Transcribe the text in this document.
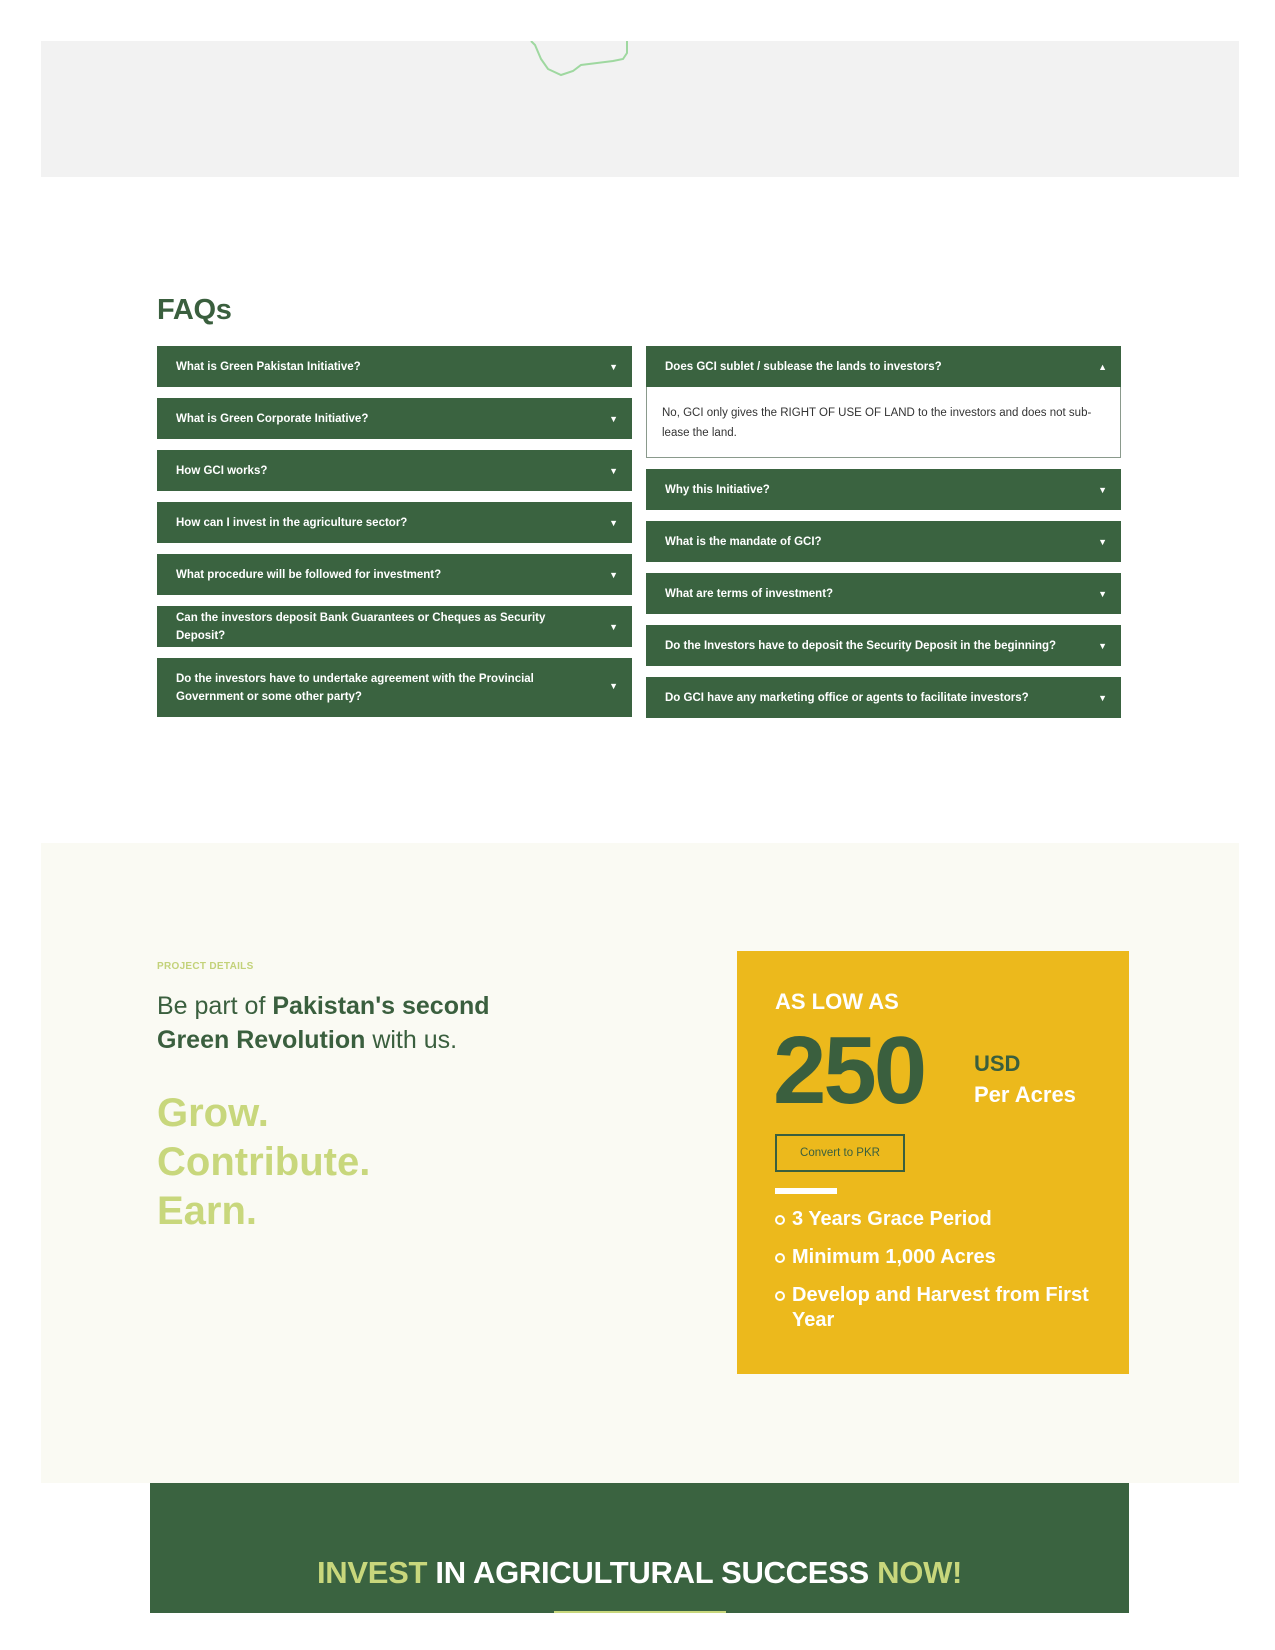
FAQs
What is Green Pakistan Initiative?	▼
What is Green Corporate Initiative?	▼
How GCI works?	▼
How can I invest in the agriculture sector?	▼
What procedure will be followed for investment?	▼
Can the investors deposit Bank Guarantees or Cheques as Security Deposit?
▼
Do the investors have to undertake agreement with the Provincial Government or some other party?
▼
Does GCI sublet / sublease the lands to investors?	▲
No, GCI only gives the RIGHT OF USE OF LAND to the investors and does not sub-lease the land.
Why this Initiative?	▼
What is the mandate of GCI?	▼
What are terms of investment?	▼
Do the Investors have to deposit the Security Deposit in the beginning?	▼
Do GCI have any marketing office or agents to facilitate investors?	▼
PROJECT DETAILS
Be part of Pakistan's second Green Revolution with us.
Grow.
Contribute.
Earn.
AS LOW AS
250 USD
Per Acres
Convert to PKR
3 Years Grace Period
Minimum 1,000 Acres
Develop and Harvest from First Year
INVEST IN AGRICULTURAL SUCCESS NOW!
